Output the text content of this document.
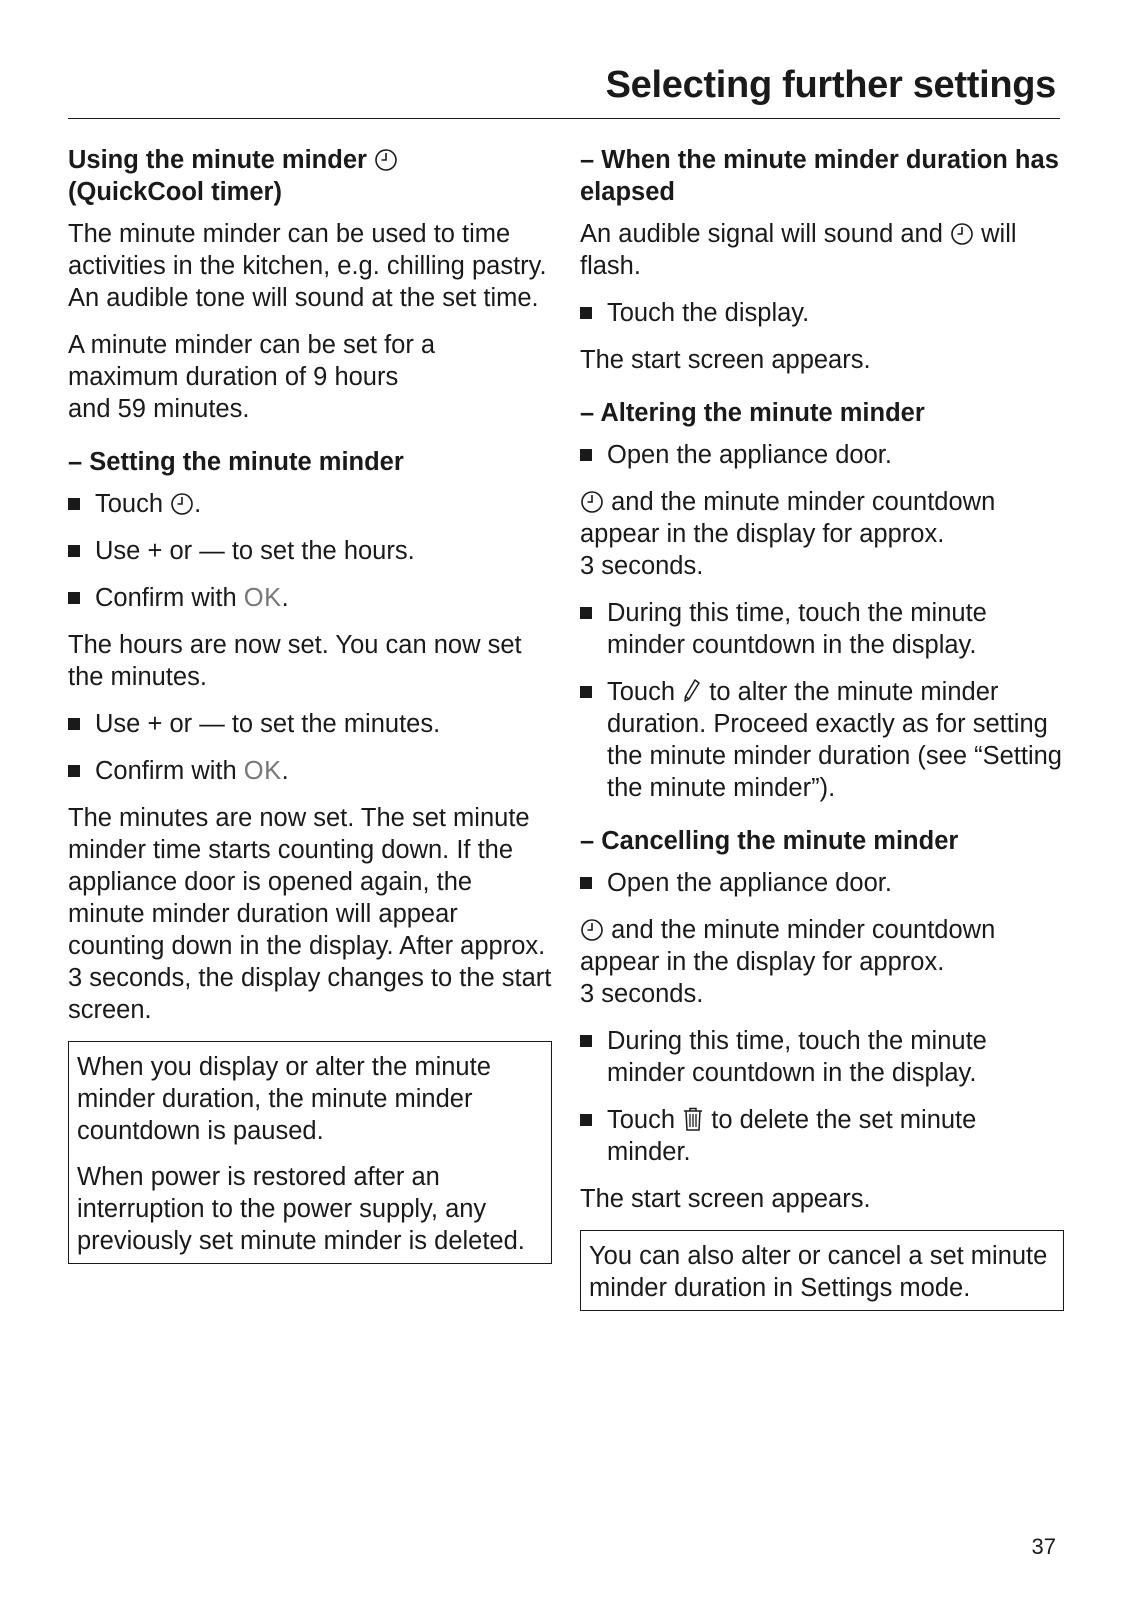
Selecting further settings
Using the minute minder

(QuickCool timer)
The minute minder can be used to time activities in the kitchen, e.g. chilling pastry. An audible tone will sound at the set time.
A minute minder can be set for a maximum duration of 9 hours
and 59 minutes.
– Setting the minute minder
Touch .
Use + or — to set the hours.
Confirm with OK.
The hours are now set. You can now set the minutes.
Use + or — to set the minutes.
Confirm with OK.
The minutes are now set. The set minute minder time starts counting down. If the appliance door is opened again, the minute minder duration will appear counting down in the display. After approx. 3 seconds, the display changes to the start screen.
When you display or alter the minute minder duration, the minute minder countdown is paused.
When power is restored after an interruption to the power supply, any previously set minute minder is deleted.
– When the minute minder duration has elapsed
An audible signal will sound and will flash.
Touch the display.
The start screen appears.
– Altering the minute minder
Open the appliance door.
and the minute minder countdown appear in the display for approx.
3 seconds.
During this time, touch the minute minder countdown in the display.
Touch to alter the minute minder duration. Proceed exactly as for setting the minute minder duration (see “Setting the minute minder”).
– Cancelling the minute minder
Open the appliance door.
and the minute minder countdown appear in the display for approx.
3 seconds.
During this time, touch the minute minder countdown in the display.
Touch to delete the set minute minder.
The start screen appears.
You can also alter or cancel a set minute minder duration in Settings mode.
37
